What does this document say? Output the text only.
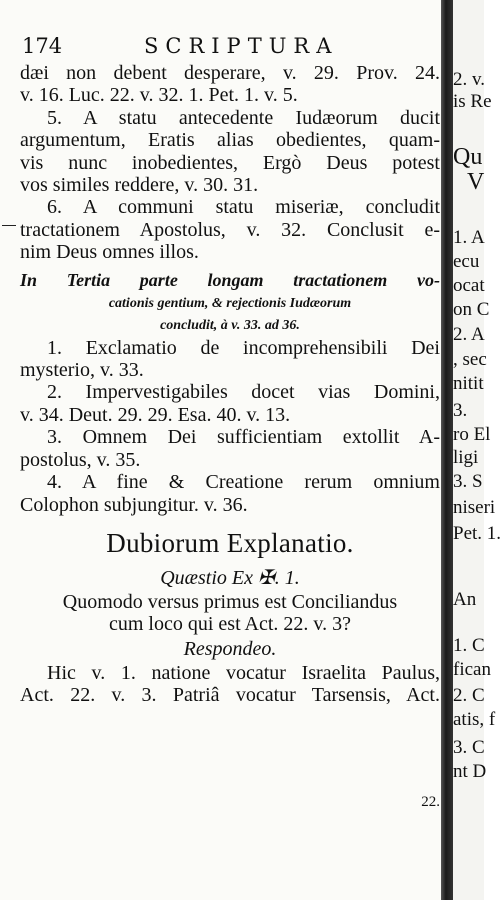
174	SCRIPTURA
dæi non debent desperare, v. 29. Prov. 24.
v. 16. Luc. 22. v. 32. 1. Pet. 1. v. 5.
5. A statu antecedente Iudæorum ducit
argumentum, Eratis alias obedientes, quam-
vis nunc inobedientes, Ergò Deus potest
vos similes reddere, v. 30. 31.
6. A communi statu miseriæ, concludit
tractationem Apostolus, v. 32. Conclusit e-
nim Deus omnes illos.
In Tertia parte longam tractationem vo-
cationis gentium, & rejectionis Iudæorum
concludit, à v. 33. ad 36.
1. Exclamatio de incomprehensibili Dei
mysterio, v. 33.
2. Impervestigabiles docet vias Domini,
v. 34. Deut. 29. 29. Esa. 40. v. 13.
3. Omnem Dei sufficientiam extollit A-
postolus, v. 35.
4. A fine & Creatione rerum omnium
Colophon subjungitur. v. 36.
Dubiorum Explanatio.
Quæstio Ex ✠. 1.
Quomodo versus primus est Conciliandus
cum loco qui est Act. 22. v. 3?
Respondeo.
Hic v. 1. natione vocatur Israelita Paulus,
Act. 22. v. 3. Patriâ vocatur Tarsensis, Act.
22.
2. v.
is Re
Qu
V
1. A
ecu
ocat
on C
2. A
, sec
nitit
3.
ro El
ligi
3. S
niseri
Pet. 1.
An
1. C
fican
2. C
atis, f
3. C
nt D
